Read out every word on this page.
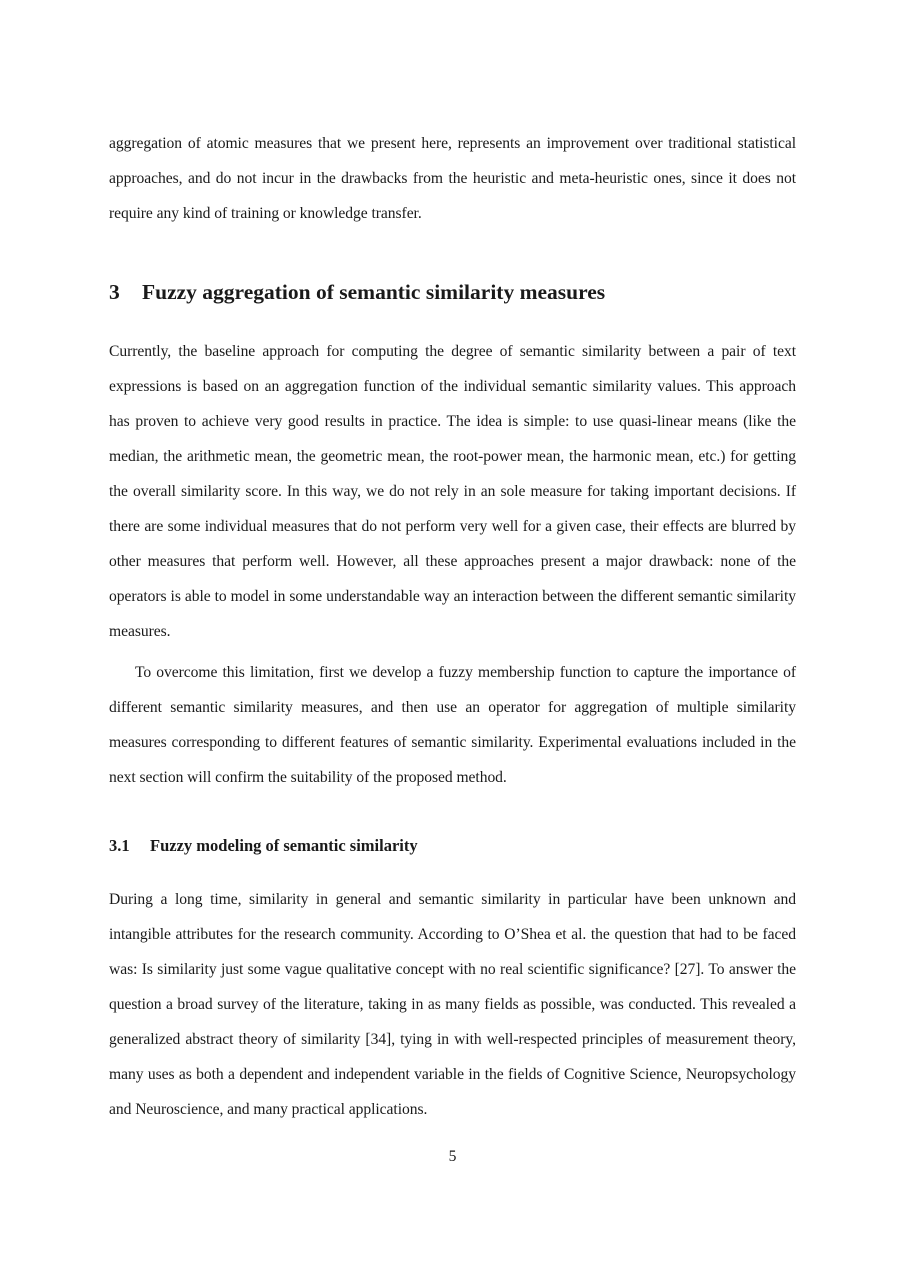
aggregation of atomic measures that we present here, represents an improvement over traditional statistical approaches, and do not incur in the drawbacks from the heuristic and meta-heuristic ones, since it does not require any kind of training or knowledge transfer.

3 Fuzzy aggregation of semantic similarity measures

Currently, the baseline approach for computing the degree of semantic similarity between a pair of text expressions is based on an aggregation function of the individual semantic similarity values. This approach has proven to achieve very good results in practice. The idea is simple: to use quasi-linear means (like the median, the arithmetic mean, the geometric mean, the root-power mean, the harmonic mean, etc.) for getting the overall similarity score. In this way, we do not rely in an sole measure for taking important decisions. If there are some individual measures that do not perform very well for a given case, their effects are blurred by other measures that perform well. However, all these approaches present a major drawback: none of the operators is able to model in some understandable way an interaction between the different semantic similarity measures.

To overcome this limitation, first we develop a fuzzy membership function to capture the importance of different semantic similarity measures, and then use an operator for aggregation of multiple similarity measures corresponding to different features of semantic similarity. Experimental evaluations included in the next section will confirm the suitability of the proposed method.

3.1 Fuzzy modeling of semantic similarity

During a long time, similarity in general and semantic similarity in particular have been unknown and intangible attributes for the research community. According to O’Shea et al. the question that had to be faced was: Is similarity just some vague qualitative concept with no real scientific significance? [27]. To answer the question a broad survey of the literature, taking in as many fields as possible, was conducted. This revealed a generalized abstract theory of similarity [34], tying in with well-respected principles of measurement theory, many uses as both a dependent and independent variable in the fields of Cognitive Science, Neuropsychology and Neuroscience, and many practical applications.

5
